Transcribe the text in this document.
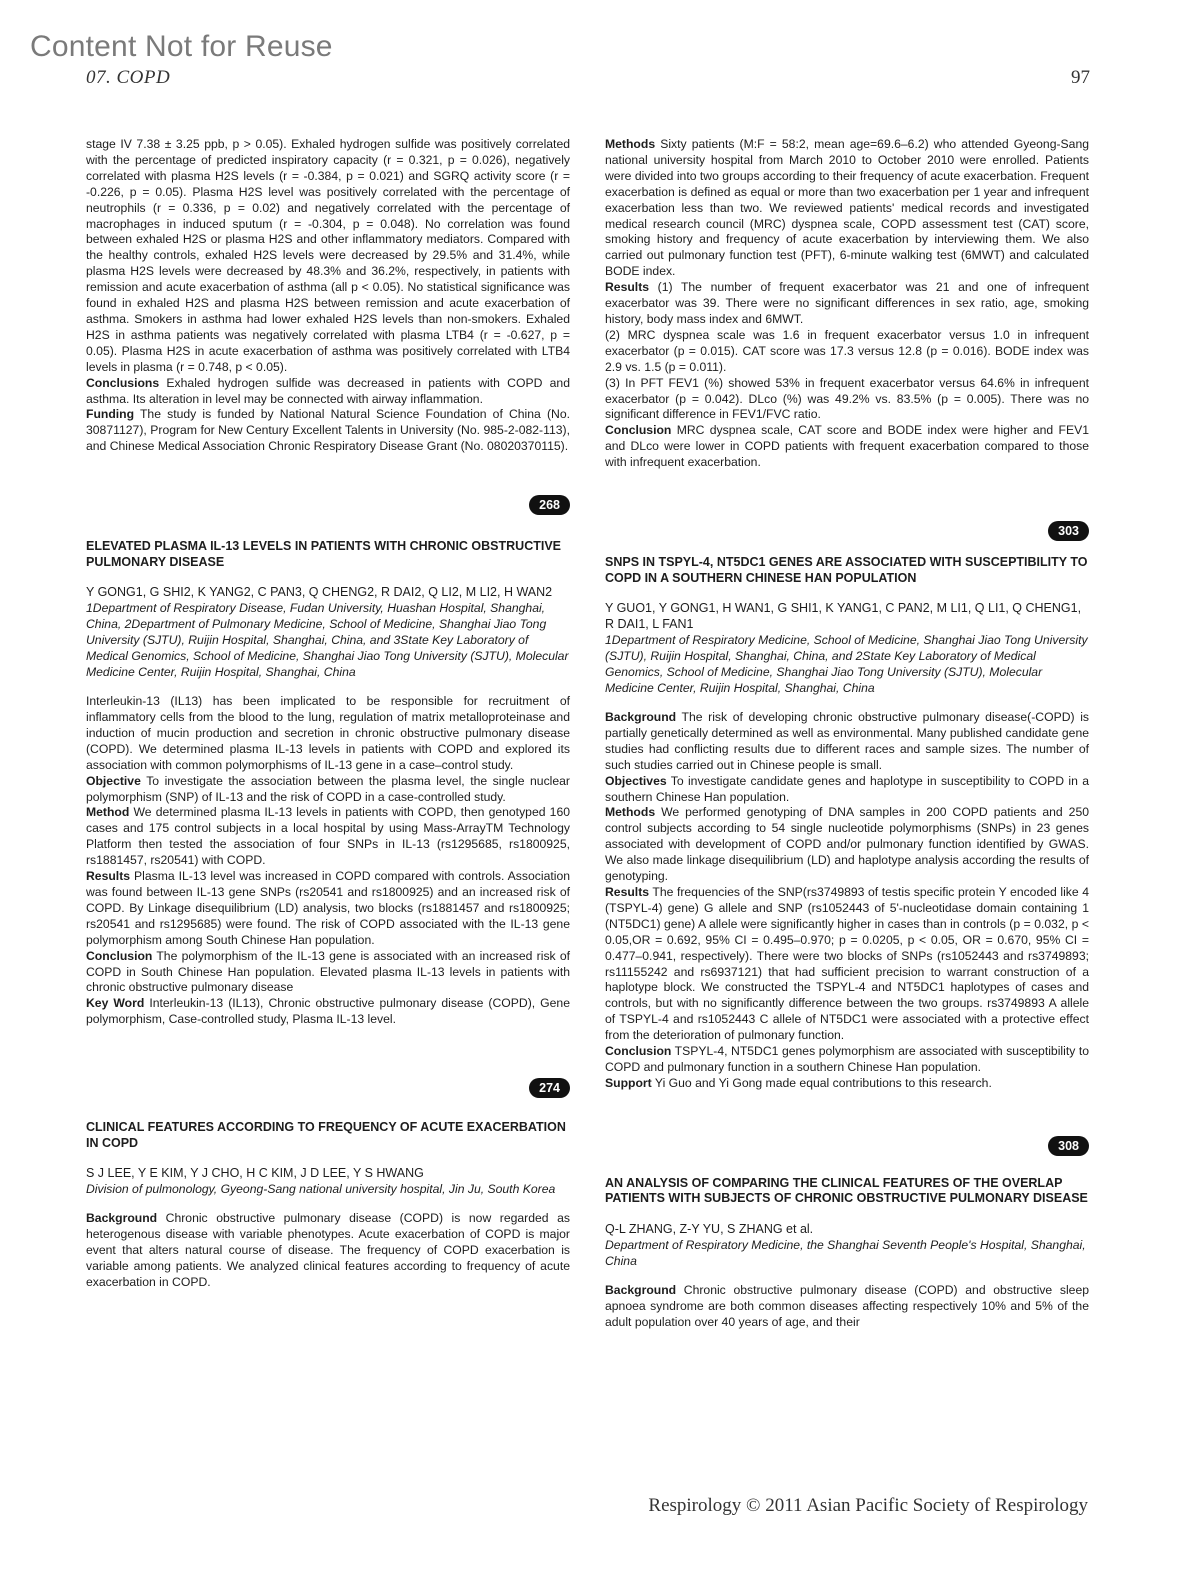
Content Not for Reuse
07. COPD	97

stage IV 7.38 ± 3.25 ppb, p > 0.05). Exhaled hydrogen sulfide was positively correlated with the percentage of predicted inspiratory capacity (r = 0.321, p = 0.026), negatively correlated with plasma H2S levels (r = -0.384, p = 0.021) and SGRQ activity score (r = -0.226, p = 0.05). Plasma H2S level was positively correlated with the percentage of neutrophils (r = 0.336, p = 0.02) and negatively correlated with the percentage of macrophages in induced sputum (r = -0.304, p = 0.048). No correlation was found between exhaled H2S or plasma H2S and other inflammatory mediators. Compared with the healthy controls, exhaled H2S levels were decreased by 29.5% and 31.4%, while plasma H2S levels were decreased by 48.3% and 36.2%, respectively, in patients with remission and acute exacerbation of asthma (all p < 0.05). No statistical significance was found in exhaled H2S and plasma H2S between remission and acute exacerbation of asthma. Smokers in asthma had lower exhaled H2S levels than non-smokers. Exhaled H2S in asthma patients was negatively correlated with plasma LTB4 (r = -0.627, p = 0.05). Plasma H2S in acute exacerbation of asthma was positively correlated with LTB4 levels in plasma (r = 0.748, p < 0.05).

Conclusions Exhaled hydrogen sulfide was decreased in patients with COPD and asthma. Its alteration in level may be connected with airway inflammation.

Funding The study is funded by National Natural Science Foundation of China (No. 30871127), Program for New Century Excellent Talents in University (No. 985-2-082-113), and Chinese Medical Association Chronic Respiratory Disease Grant (No. 08020370115).

268
ELEVATED PLASMA IL-13 LEVELS IN PATIENTS WITH CHRONIC OBSTRUCTIVE PULMONARY DISEASE
Y GONG1, G SHI2, K YANG2, C PAN3, Q CHENG2, R DAI2, Q LI2, M LI2, H WAN2
1Department of Respiratory Disease, Fudan University, Huashan Hospital, Shanghai, China, 2Department of Pulmonary Medicine, School of Medicine, Shanghai Jiao Tong University (SJTU), Ruijin Hospital, Shanghai, China, and 3State Key Laboratory of Medical Genomics, School of Medicine, Shanghai Jiao Tong University (SJTU), Molecular Medicine Center, Ruijin Hospital, Shanghai, China

Interleukin-13 (IL13) has been implicated to be responsible for recruitment of inflammatory cells from the blood to the lung, regulation of matrix metalloproteinase and induction of mucin production and secretion in chronic obstructive pulmonary disease (COPD). We determined plasma IL-13 levels in patients with COPD and explored its association with common polymorphisms of IL-13 gene in a case–control study.

Objective To investigate the association between the plasma level, the single nuclear polymorphism (SNP) of IL-13 and the risk of COPD in a case-controlled study.

Method We determined plasma IL-13 levels in patients with COPD, then genotyped 160 cases and 175 control subjects in a local hospital by using Mass-ArrayTM Technology Platform then tested the association of four SNPs in IL-13 (rs1295685, rs1800925, rs1881457, rs20541) with COPD.

Results Plasma IL-13 level was increased in COPD compared with controls. Association was found between IL-13 gene SNPs (rs20541 and rs1800925) and an increased risk of COPD. By Linkage disequilibrium (LD) analysis, two blocks (rs1881457 and rs1800925; rs20541 and rs1295685) were found. The risk of COPD associated with the IL-13 gene polymorphism among South Chinese Han population.

Conclusion The polymorphism of the IL-13 gene is associated with an increased risk of COPD in South Chinese Han population. Elevated plasma IL-13 levels in patients with chronic obstructive pulmonary disease

Key Word Interleukin-13 (IL13), Chronic obstructive pulmonary disease (COPD), Gene polymorphism, Case-controlled study, Plasma IL-13 level.

274
CLINICAL FEATURES ACCORDING TO FREQUENCY OF ACUTE EXACERBATION IN COPD
S J LEE, Y E KIM, Y J CHO, H C KIM, J D LEE, Y S HWANG
Division of pulmonology, Gyeong-Sang national university hospital, Jin Ju, South Korea

Background Chronic obstructive pulmonary disease (COPD) is now regarded as heterogenous disease with variable phenotypes. Acute exacerbation of COPD is major event that alters natural course of disease. The frequency of COPD exacerbation is variable among patients. We analyzed clinical features according to frequency of acute exacerbation in COPD.

Methods Sixty patients (M:F = 58:2, mean age=69.6–6.2) who attended Gyeong-Sang national university hospital from March 2010 to October 2010 were enrolled. Patients were divided into two groups according to their frequency of acute exacerbation. Frequent exacerbation is defined as equal or more than two exacerbation per 1 year and infrequent exacerbation less than two. We reviewed patients' medical records and investigated medical research council (MRC) dyspnea scale, COPD assessment test (CAT) score, smoking history and frequency of acute exacerbation by interviewing them. We also carried out pulmonary function test (PFT), 6-minute walking test (6MWT) and calculated BODE index.

Results (1) The number of frequent exacerbator was 21 and one of infrequent exacerbator was 39. There were no significant differences in sex ratio, age, smoking history, body mass index and 6MWT.

(2) MRC dyspnea scale was 1.6 in frequent exacerbator versus 1.0 in infrequent exacerbator (p = 0.015). CAT score was 17.3 versus 12.8 (p = 0.016). BODE index was 2.9 vs. 1.5 (p = 0.011).

(3) In PFT FEV1 (%) showed 53% in frequent exacerbator versus 64.6% in infrequent exacerbator (p = 0.042). DLco (%) was 49.2% vs. 83.5% (p = 0.005). There was no significant difference in FEV1/FVC ratio.

Conclusion MRC dyspnea scale, CAT score and BODE index were higher and FEV1 and DLco were lower in COPD patients with frequent exacerbation compared to those with infrequent exacerbation.

303
SNPS IN TSPYL-4, NT5DC1 GENES ARE ASSOCIATED WITH SUSCEPTIBILITY TO COPD IN A SOUTHERN CHINESE HAN POPULATION
Y GUO1, Y GONG1, H WAN1, G SHI1, K YANG1, C PAN2, M LI1, Q LI1, Q CHENG1, R DAI1, L FAN1
1Department of Respiratory Medicine, School of Medicine, Shanghai Jiao Tong University (SJTU), Ruijin Hospital, Shanghai, China, and 2State Key Laboratory of Medical Genomics, School of Medicine, Shanghai Jiao Tong University (SJTU), Molecular Medicine Center, Ruijin Hospital, Shanghai, China

Background The risk of developing chronic obstructive pulmonary disease(-COPD) is partially genetically determined as well as environmental. Many published candidate gene studies had conflicting results due to different races and sample sizes. The number of such studies carried out in Chinese people is small.

Objectives To investigate candidate genes and haplotype in susceptibility to COPD in a southern Chinese Han population.

Methods We performed genotyping of DNA samples in 200 COPD patients and 250 control subjects according to 54 single nucleotide polymorphisms (SNPs) in 23 genes associated with development of COPD and/or pulmonary function identified by GWAS. We also made linkage disequilibrium (LD) and haplotype analysis according the results of genotyping.

Results The frequencies of the SNP(rs3749893 of testis specific protein Y encoded like 4 (TSPYL-4) gene) G allele and SNP (rs1052443 of 5'-nucleotidase domain containing 1 (NT5DC1) gene) A allele were significantly higher in cases than in controls (p = 0.032, p < 0.05,OR = 0.692, 95% CI = 0.495–0.970; p = 0.0205, p < 0.05, OR = 0.670, 95% CI = 0.477–0.941, respectively). There were two blocks of SNPs (rs1052443 and rs3749893; rs11155242 and rs6937121) that had sufficient precision to warrant construction of a haplotype block. We constructed the TSPYL-4 and NT5DC1 haplotypes of cases and controls, but with no significantly difference between the two groups. rs3749893 A allele of TSPYL-4 and rs1052443 C allele of NT5DC1 were associated with a protective effect from the deterioration of pulmonary function.

Conclusion TSPYL-4, NT5DC1 genes polymorphism are associated with susceptibility to COPD and pulmonary function in a southern Chinese Han population.

Support Yi Guo and Yi Gong made equal contributions to this research.

308
AN ANALYSIS OF COMPARING THE CLINICAL FEATURES OF THE OVERLAP PATIENTS WITH SUBJECTS OF CHRONIC OBSTRUCTIVE PULMONARY DISEASE
Q-L ZHANG, Z-Y YU, S ZHANG et al.
Department of Respiratory Medicine, the Shanghai Seventh People's Hospital, Shanghai, China

Background Chronic obstructive pulmonary disease (COPD) and obstructive sleep apnoea syndrome are both common diseases affecting respectively 10% and 5% of the adult population over 40 years of age, and their

Respirology © 2011 Asian Pacific Society of Respirology
